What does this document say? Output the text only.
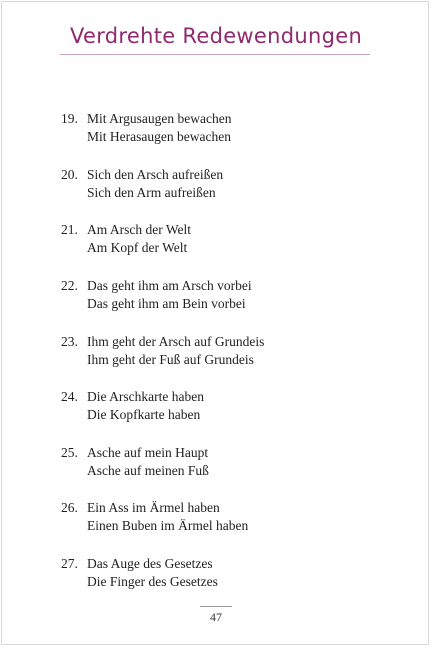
Verdrehte Redewendungen
19. Mit Argusaugen bewachen
Mit Herasaugen bewachen
20. Sich den Arsch aufreißen
Sich den Arm aufreißen
21. Am Arsch der Welt
Am Kopf der Welt
22. Das geht ihm am Arsch vorbei
Das geht ihm am Bein vorbei
23. Ihm geht der Arsch auf Grundeis
Ihm geht der Fuß auf Grundeis
24. Die Arschkarte haben
Die Kopfkarte haben
25. Asche auf mein Haupt
Asche auf meinen Fuß
26. Ein Ass im Ärmel haben
Einen Buben im Ärmel haben
27. Das Auge des Gesetzes
Die Finger des Gesetzes
47
